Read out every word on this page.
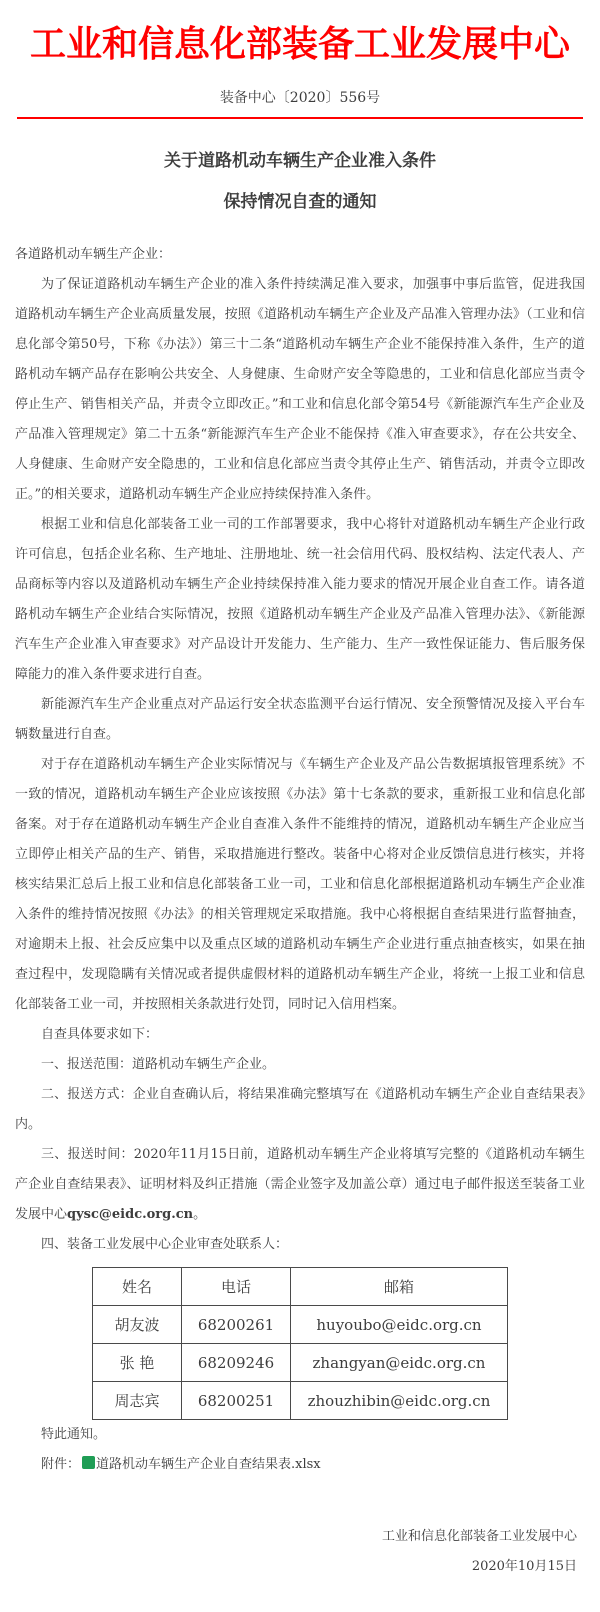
工业和信息化部装备工业发展中心
装备中心〔2020〕556号
关于道路机动车辆生产企业准入条件
保持情况自查的通知

各道路机动车辆生产企业：

为了保证道路机动车辆生产企业的准入条件持续满足准入要求，加强事中事后监管，促进我国道路机动车辆生产企业高质量发展，按照《道路机动车辆生产企业及产品准入管理办法》（工业和信息化部令第50号，下称《办法》）第三十二条“道路机动车辆生产企业不能保持准入条件，生产的道路机动车辆产品存在影响公共安全、人身健康、生命财产安全等隐患的，工业和信息化部应当责令停止生产、销售相关产品，并责令立即改正。”和工业和信息化部令第54号《新能源汽车生产企业及产品准入管理规定》第二十五条“新能源汽车生产企业不能保持《准入审查要求》，存在公共安全、人身健康、生命财产安全隐患的，工业和信息化部应当责令其停止生产、销售活动，并责令立即改正。”的相关要求，道路机动车辆生产企业应持续保持准入条件。

根据工业和信息化部装备工业一司的工作部署要求，我中心将针对道路机动车辆生产企业行政许可信息，包括企业名称、生产地址、注册地址、统一社会信用代码、股权结构、法定代表人、产品商标等内容以及道路机动车辆生产企业持续保持准入能力要求的情况开展企业自查工作。请各道路机动车辆生产企业结合实际情况，按照《道路机动车辆生产企业及产品准入管理办法》、《新能源汽车生产企业准入审查要求》对产品设计开发能力、生产能力、生产一致性保证能力、售后服务保障能力的准入条件要求进行自查。

新能源汽车生产企业重点对产品运行安全状态监测平台运行情况、安全预警情况及接入平台车辆数量进行自查。

对于存在道路机动车辆生产企业实际情况与《车辆生产企业及产品公告数据填报管理系统》不一致的情况，道路机动车辆生产企业应该按照《办法》第十七条款的要求，重新报工业和信息化部备案。对于存在道路机动车辆生产企业自查准入条件不能维持的情况，道路机动车辆生产企业应当立即停止相关产品的生产、销售，采取措施进行整改。装备中心将对企业反馈信息进行核实，并将核实结果汇总后上报工业和信息化部装备工业一司，工业和信息化部根据道路机动车辆生产企业准入条件的维持情况按照《办法》的相关管理规定采取措施。我中心将根据自查结果进行监督抽查，对逾期未上报、社会反应集中以及重点区域的道路机动车辆生产企业进行重点抽查核实，如果在抽查过程中，发现隐瞒有关情况或者提供虚假材料的道路机动车辆生产企业，将统一上报工业和信息化部装备工业一司，并按照相关条款进行处罚，同时记入信用档案。

自查具体要求如下：

一、报送范围：道路机动车辆生产企业。

二、报送方式：企业自查确认后，将结果准确完整填写在《道路机动车辆生产企业自查结果表》内。

三、报送时间：2020年11月15日前，道路机动车辆生产企业将填写完整的《道路机动车辆生产企业自查结果表》、证明材料及纠正措施（需企业签字及加盖公章）通过电子邮件报送至装备工业发展中心qysc@eidc.org.cn。

四、装备工业发展中心企业审查处联系人：

姓名	电话	邮箱
胡友波	68200261	huyoubo@eidc.org.cn
张 艳	68209246	zhangyan@eidc.org.cn
周志宾	68200251	zhouzhibin@eidc.org.cn

特此通知。

附件： x 道路机动车辆生产企业自查结果表.xlsx

工业和信息化部装备工业发展中心
2020年10月15日
